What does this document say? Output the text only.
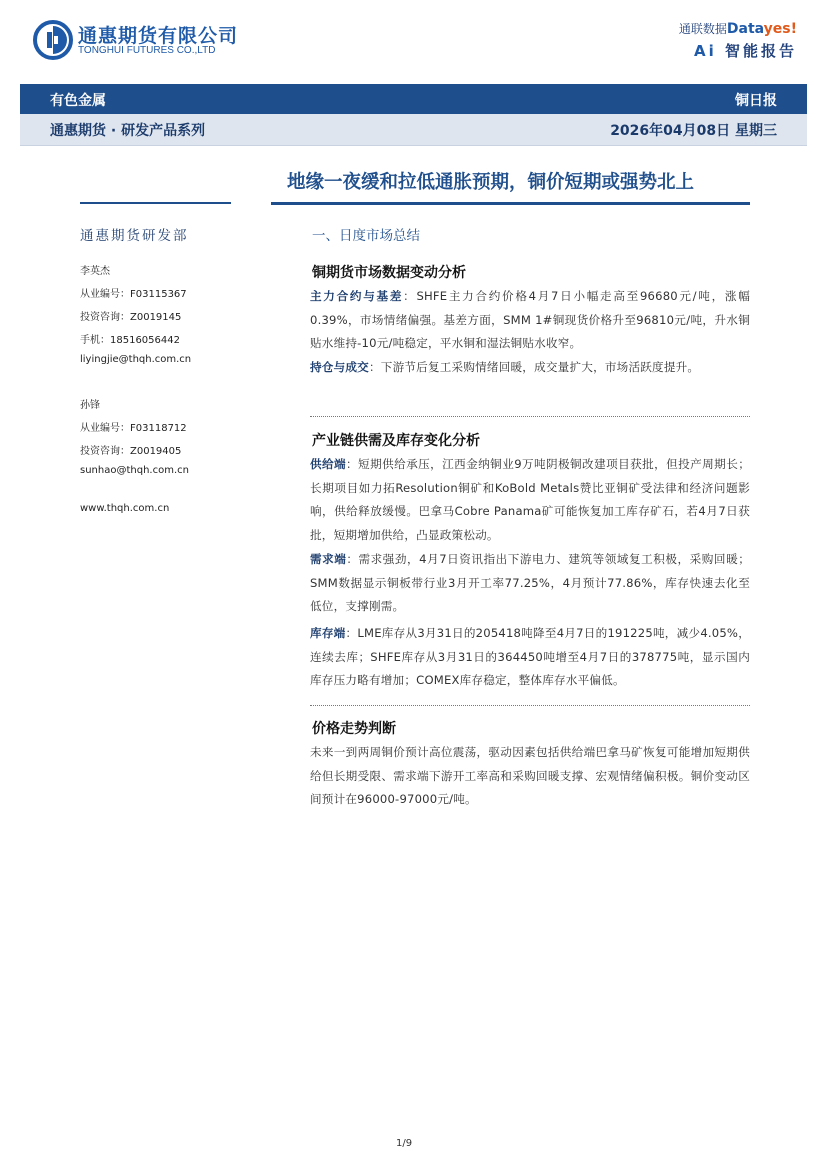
通惠期货有限公司
TONGHUI FUTURES CO.,LTD
通联数据Datayes!
Ai 智能报告
有色金属	铜日报
通惠期货 · 研发产品系列	2026年04月08日 星期三
地缘一夜缓和拉低通胀预期，铜价短期或强势北上
通惠期货研发部
李英杰
从业编号：F03115367
投资咨询：Z0019145
手机：18516056442
liyingjie@thqh.com.cn
孙锋
从业编号：F03118712
投资咨询：Z0019405
sunhao@thqh.com.cn
www.thqh.com.cn
一、日度市场总结
铜期货市场数据变动分析
主力合约与基差：SHFE主力合约价格4月7日小幅走高至96680元/吨，涨幅0.39%，市场情绪偏强。基差方面，SMM 1#铜现货价格升至96810元/吨，升水铜贴水维持-10元/吨稳定，平水铜和湿法铜贴水收窄。
持仓与成交：下游节后复工采购情绪回暖，成交量扩大，市场活跃度提升。
产业链供需及库存变化分析
供给端：短期供给承压，江西金纳铜业9万吨阴极铜改建项目获批，但投产周期长；长期项目如力拓Resolution铜矿和KoBold Metals赞比亚铜矿受法律和经济问题影响，供给释放缓慢。巴拿马Cobre Panama矿可能恢复加工库存矿石，若4月7日获批，短期增加供给，凸显政策松动。
需求端：需求强劲，4月7日资讯指出下游电力、建筑等领域复工积极，采购回暖；SMM数据显示铜板带行业3月开工率77.25%，4月预计77.86%，库存快速去化至低位，支撑刚需。
库存端：LME库存从3月31日的205418吨降至4月7日的191225吨，减少4.05%，连续去库；SHFE库存从3月31日的364450吨增至4月7日的378775吨，显示国内库存压力略有增加；COMEX库存稳定，整体库存水平偏低。
价格走势判断
未来一到两周铜价预计高位震荡，驱动因素包括供给端巴拿马矿恢复可能增加短期供给但长期受限、需求端下游开工率高和采购回暖支撑、宏观情绪偏积极。铜价变动区间预计在96000-97000元/吨。
1/9
